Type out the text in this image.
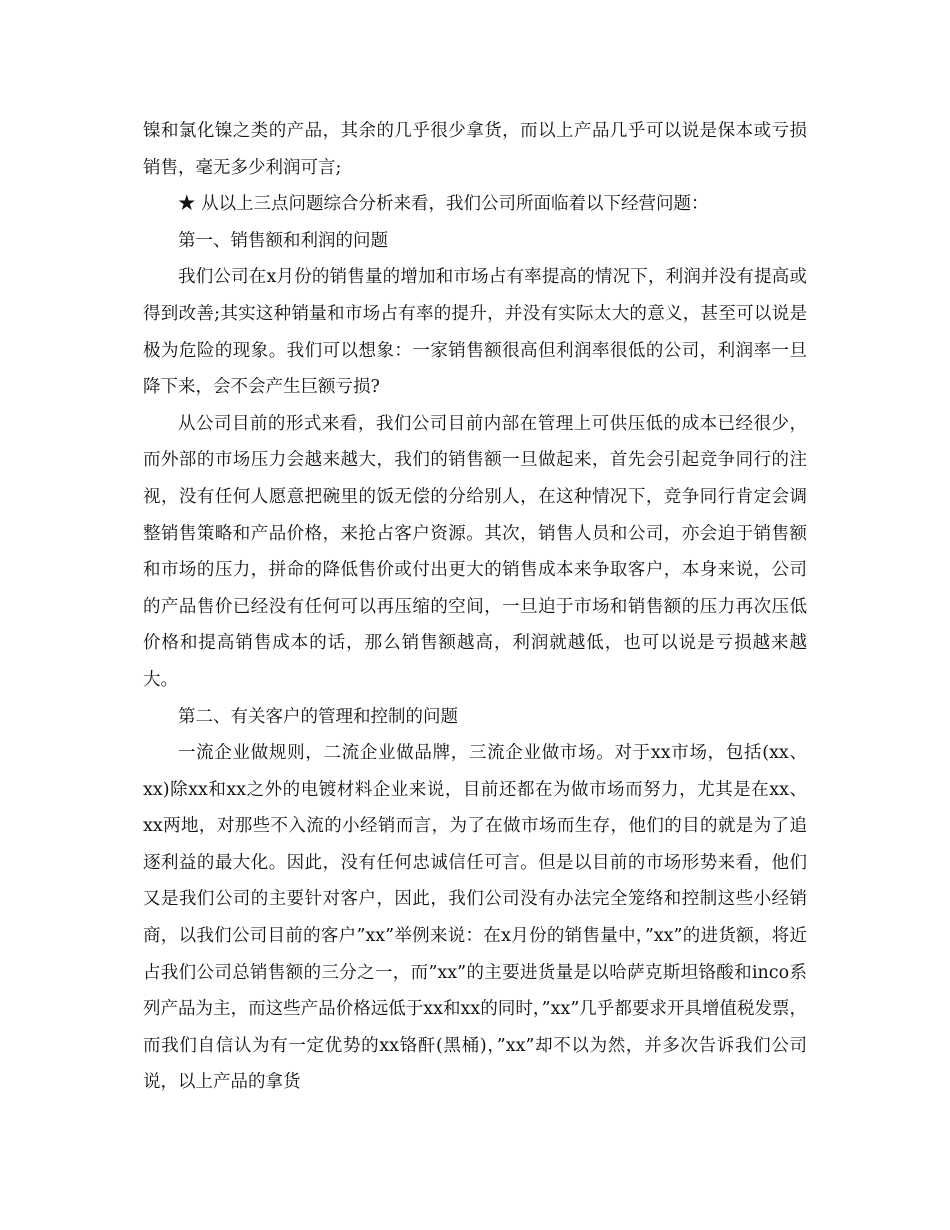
镍和氯化镍之类的产品，其余的几乎很少拿货，而以上产品几乎可以说是保本或亏损销售，毫无多少利润可言;

★ 从以上三点问题综合分析来看，我们公司所面临着以下经营问题：

第一、销售额和利润的问题

我们公司在x月份的销售量的增加和市场占有率提高的情况下，利润并没有提高或得到改善;其实这种销量和市场占有率的提升，并没有实际太大的意义，甚至可以说是极为危险的现象。我们可以想象：一家销售额很高但利润率很低的公司，利润率一旦降下来，会不会产生巨额亏损?

从公司目前的形式来看，我们公司目前内部在管理上可供压低的成本已经很少，而外部的市场压力会越来越大，我们的销售额一旦做起来，首先会引起竞争同行的注视，没有任何人愿意把碗里的饭无偿的分给别人，在这种情况下，竞争同行肯定会调整销售策略和产品价格，来抢占客户资源。其次，销售人员和公司，亦会迫于销售额和市场的压力，拼命的降低售价或付出更大的销售成本来争取客户，本身来说，公司的产品售价已经没有任何可以再压缩的空间，一旦迫于市场和销售额的压力再次压低价格和提高销售成本的话，那么销售额越高，利润就越低，也可以说是亏损越来越大。

第二、有关客户的管理和控制的问题

一流企业做规则，二流企业做品牌，三流企业做市场。对于xx市场，包括(xx、xx)除xx和xx之外的电镀材料企业来说，目前还都在为做市场而努力，尤其是在xx、xx两地，对那些不入流的小经销而言，为了在做市场而生存，他们的目的就是为了追逐利益的最大化。因此，没有任何忠诚信任可言。但是以目前的市场形势来看，他们又是我们公司的主要针对客户，因此，我们公司没有办法完全笼络和控制这些小经销商，以我们公司目前的客户”xx”举例来说：在x月份的销售量中，”xx”的进货额，将近占我们公司总销售额的三分之一，而”xx”的主要进货量是以哈萨克斯坦铬酸和inco系列产品为主，而这些产品价格远低于xx和xx的同时，”xx”几乎都要求开具增值税发票，而我们自信认为有一定优势的xx铬酐(黑桶)，”xx”却不以为然，并多次告诉我们公司说，以上产品的拿货
